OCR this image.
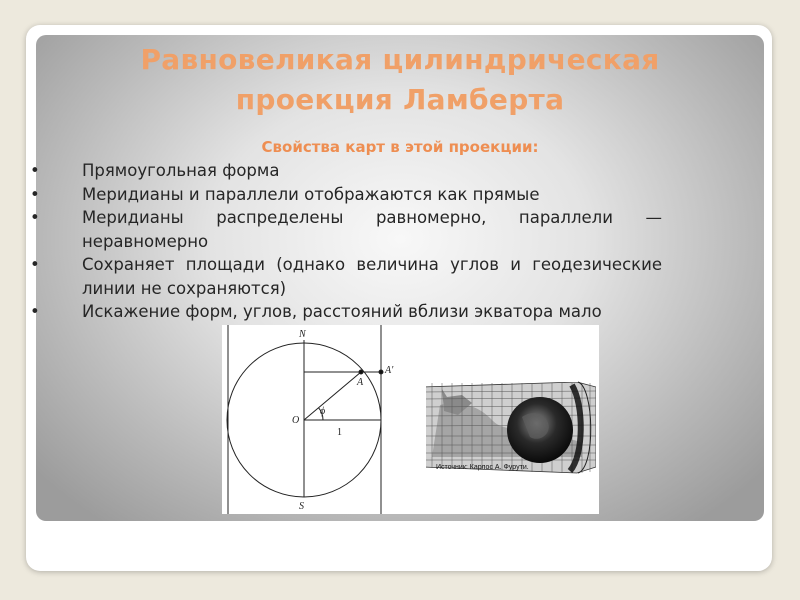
Равновеликая цилиндрическая
проекция Ламберта
Свойства карт в этой проекции:
•	Прямоугольная форма
•	Меридианы и параллели отображаются как прямые
•	Меридианы распределены равномерно, параллели — неравномерно
•	Сохраняет площади (однако величина углов и геодезические линии не сохраняются)
•	Искажение форм, углов, расстояний вблизи экватора мало
N
S
O
A
A'
ϕ
1
Источник: Карлос А. Фуpути.
